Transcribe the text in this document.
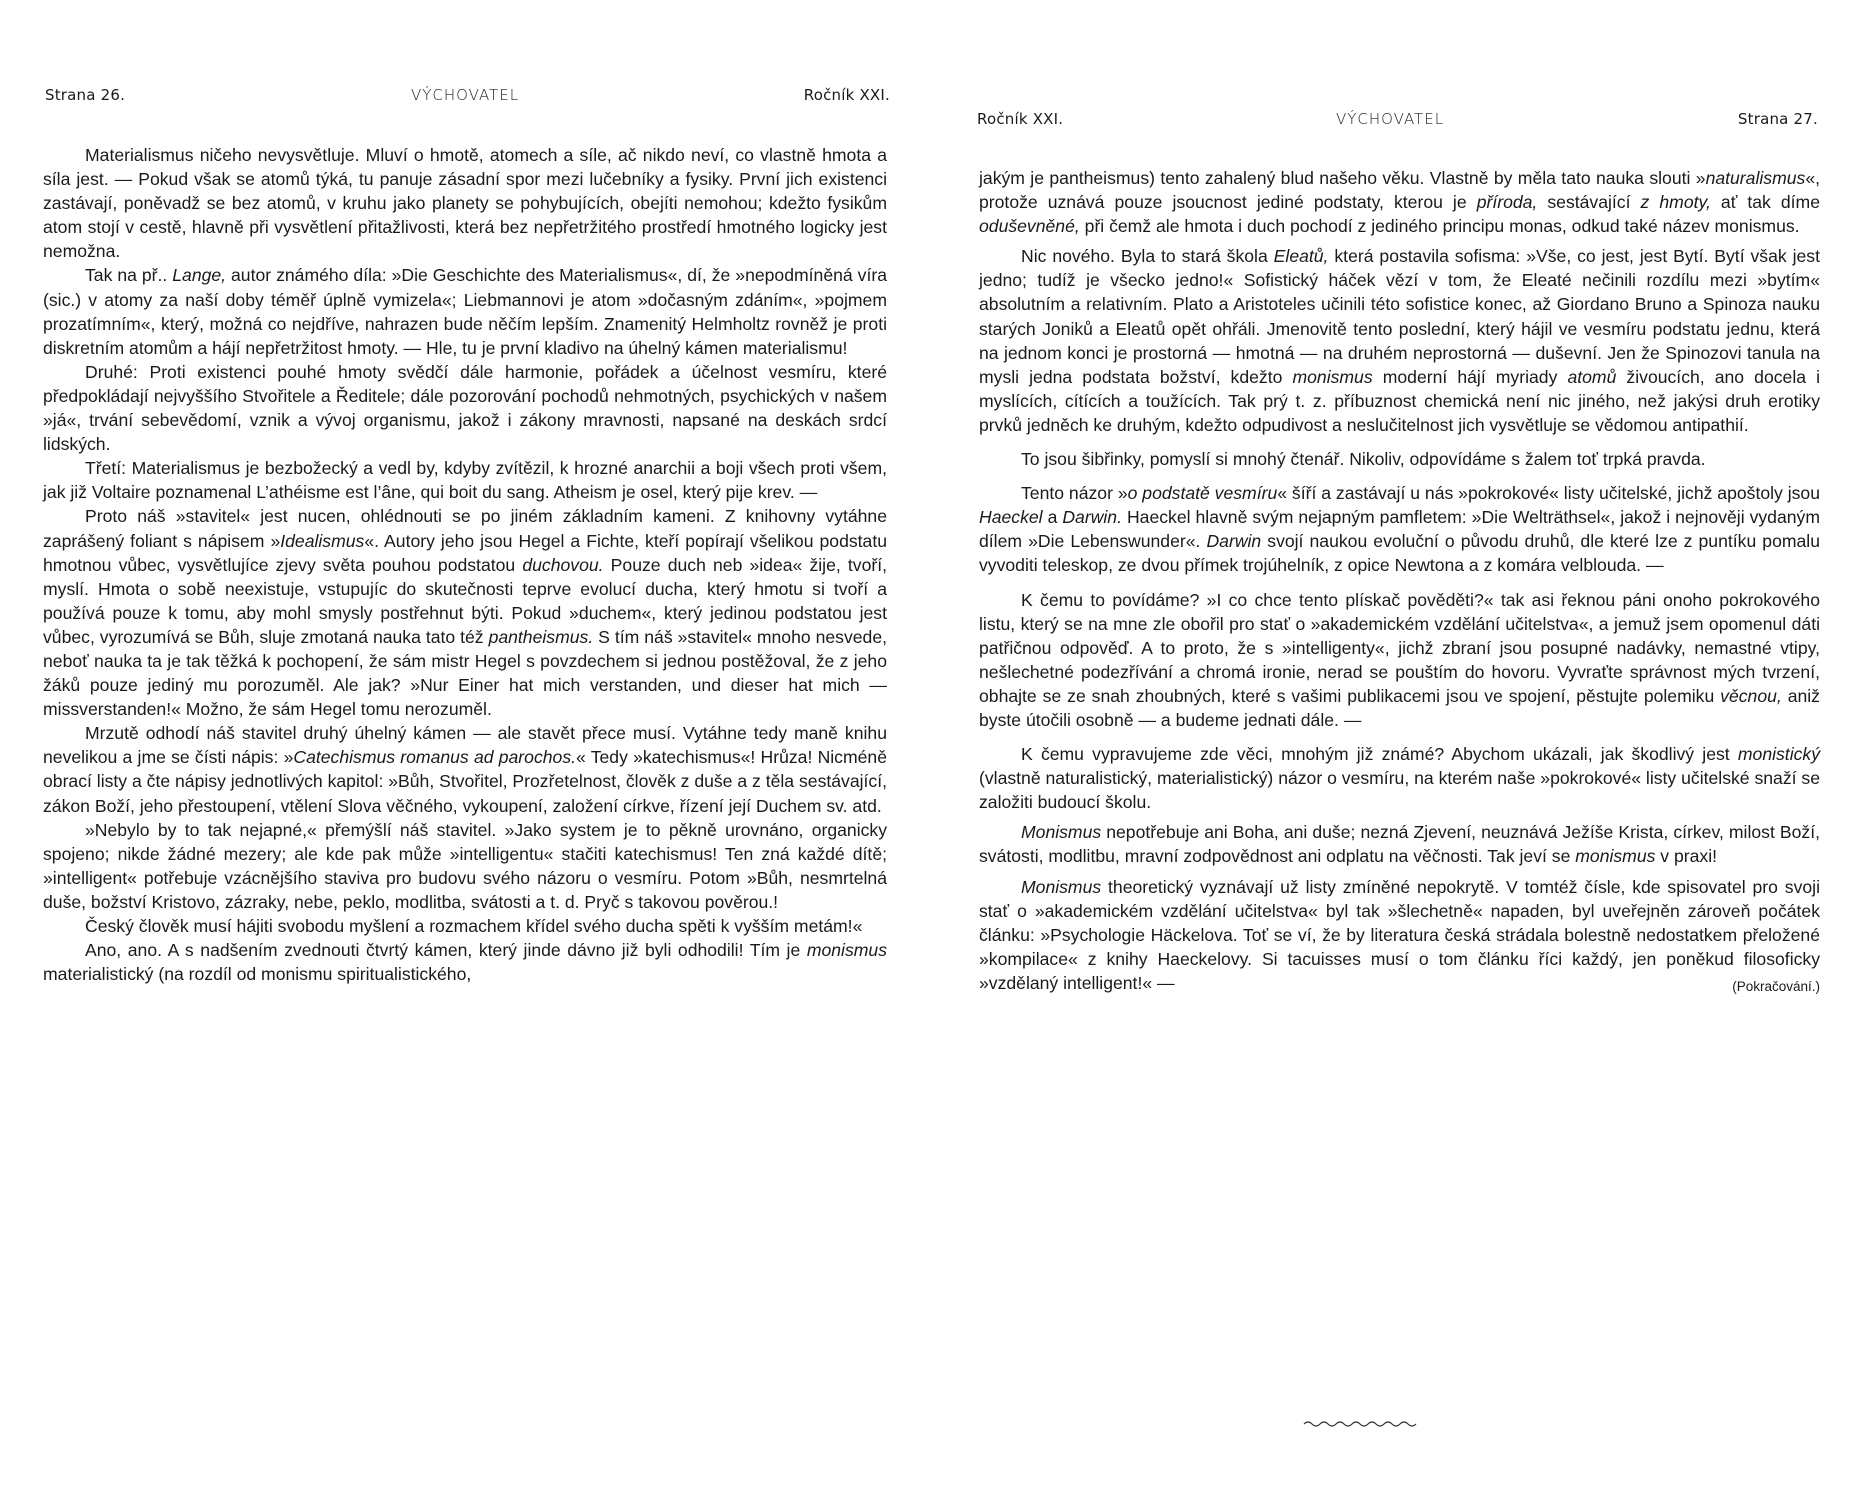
Strana 26.	VÝCHOVATEL	Ročník XXI.

Materialismus ničeho nevysvětluje. Mluví o hmotě, atomech a síle, ač nikdo neví, co vlastně hmota a síla jest. — Pokud však se atomů týká, tu panuje zásadní spor mezi lučebníky a fysiky. První jich existenci zastávají, poněvadž se bez atomů, v kruhu jako planety se pohybujících, obejíti nemohou; kdežto fysikům atom stojí v cestě, hlavně při vysvětlení přitažlivosti, která bez nepřetržitého prostředí hmotného logicky jest nemožna.

Tak na př.. Lange, autor známého díla: »Die Geschichte des Materialismus«, dí, že »nepodmíněná víra (sic.) v atomy za naší doby téměř úplně vymizela«; Liebmannovi je atom »dočasným zdáním«, »pojmem prozatímním«, který, možná co nejdříve, nahrazen bude něčím lepším. Znamenitý Helmholtz rovněž je proti diskretním atomům a hájí nepřetržitost hmoty. — Hle, tu je první kladivo na úhelný kámen materialismu!

Druhé: Proti existenci pouhé hmoty svědčí dále harmonie, pořádek a účelnost vesmíru, které předpokládají nejvyššího Stvořitele a Ředitele; dále pozorování pochodů nehmotných, psychických v našem »já«, trvání sebevědomí, vznik a vývoj organismu, jakož i zákony mravnosti, napsané na deskách srdcí lidských.

Třetí: Materialismus je bezbožecký a vedl by, kdyby zvítězil, k hrozné anarchii a boji všech proti všem, jak již Voltaire poznamenal L’athéisme est l’âne, qui boit du sang. Atheism je osel, který pije krev. —

Proto náš »stavitel« jest nucen, ohlédnouti se po jiném základním kameni. Z knihovny vytáhne zaprášený foliant s nápisem »Idealismus«. Autory jeho jsou Hegel a Fichte, kteří popírají všelikou podstatu hmotnou vůbec, vysvětlujíce zjevy světa pouhou podstatou duchovou. Pouze duch neb »idea« žije, tvoří, myslí. Hmota o sobě neexistuje, vstupujíc do skutečnosti teprve evolucí ducha, který hmotu si tvoří a používá pouze k tomu, aby mohl smysly postřehnut býti. Pokud »duchem«, který jedinou podstatou jest vůbec, vyrozumívá se Bůh, sluje zmotaná nauka tato též pantheismus. S tím náš »stavitel« mnoho nesvede, neboť nauka ta je tak těžká k pochopení, že sám mistr Hegel s povzdechem si jednou postěžoval, že z jeho žáků pouze jediný mu porozuměl. Ale jak? »Nur Einer hat mich verstanden, und dieser hat mich — missverstanden!« Možno, že sám Hegel tomu nerozuměl.

Mrzutě odhodí náš stavitel druhý úhelný kámen — ale stavět přece musí. Vytáhne tedy maně knihu nevelikou a jme se čísti nápis: »Catechismus romanus ad parochos.« Tedy »katechismus«! Hrůza! Nicméně obrací listy a čte nápisy jednotlivých kapitol: »Bůh, Stvořitel, Prozřetelnost, člověk z duše a z těla sestávající, zákon Boží, jeho přestoupení, vtělení Slova věčného, vykoupení, založení církve, řízení její Duchem sv. atd.

»Nebylo by to tak nejapné,« přemýšlí náš stavitel. »Jako system je to pěkně urovnáno, organicky spojeno; nikde žádné mezery; ale kde pak může »intelligentu« stačiti katechismus! Ten zná každé dítě; »intelligent« potřebuje vzácnějšího staviva pro budovu svého názoru o vesmíru. Potom »Bůh, nesmrtelná duše, božství Kristovo, zázraky, nebe, peklo, modlitba, svátosti a t. d. Pryč s takovou pověrou.!

Český člověk musí hájiti svobodu myšlení a rozmachem křídel svého ducha spěti k vyšším metám!«

Ano, ano. A s nadšením zvednouti čtvrtý kámen, který jinde dávno již byli odhodili! Tím je monismus materialistický (na rozdíl od monismu spiritualistického,

Ročník XXI.	VÝCHOVATEL	Strana 27.

jakým je pantheismus) tento zahalený blud našeho věku. Vlastně by měla tato nauka slouti »naturalismus«, protože uznává pouze jsoucnost jediné podstaty, kterou je příroda, sestávající z hmoty, ať tak díme oduševněné, při čemž ale hmota i duch pochodí z jediného principu monas, odkud také název monismus.

Nic nového. Byla to stará škola Eleatů, která postavila sofisma: »Vše, co jest, jest Bytí. Bytí však jest jedno; tudíž je všecko jedno!« Sofistický háček vězí v tom, že Eleaté nečinili rozdílu mezi »bytím« absolutním a relativním. Plato a Aristoteles učinili této sofistice konec, až Giordano Bruno a Spinoza nauku starých Joniků a Eleatů opět ohřáli. Jmenovitě tento poslední, který hájil ve vesmíru podstatu jednu, která na jednom konci je prostorná — hmotná — na druhém neprostorná — duševní. Jen že Spinozovi tanula na mysli jedna podstata božství, kdežto monismus moderní hájí myriady atomů živoucích, ano docela i myslících, cítících a toužících. Tak prý t. z. příbuznost chemická není nic jiného, než jakýsi druh erotiky prvků jedněch ke druhým, kdežto odpudivost a neslučitelnost jich vysvětluje se vědomou antipathií.

To jsou šibřinky, pomyslí si mnohý čtenář. Nikoliv, odpovídáme s žalem toť trpká pravda.

Tento názor »o podstatě vesmíru« šíří a zastávají u nás »pokrokové« listy učitelské, jichž apoštoly jsou Haeckel a Darwin. Haeckel hlavně svým nejapným pamfletem: »Die Welträthsel«, jakož i nejnověji vydaným dílem »Die Lebenswunder«. Darwin svojí naukou evoluční o původu druhů, dle které lze z puntíku pomalu vyvoditi teleskop, ze dvou přímek trojúhelník, z opice Newtona a z komára velblouda. —

K čemu to povídáme? »I co chce tento plískač pověděti?« tak asi řeknou páni onoho pokrokového listu, který se na mne zle obořil pro stať o »akademickém vzdělání učitelstva«, a jemuž jsem opomenul dáti patřičnou odpověď. A to proto, že s »intelligenty«, jichž zbraní jsou posupné nadávky, nemastné vtipy, nešlechetné podezřívání a chromá ironie, nerad se pouštím do hovoru. Vyvraťte správnost mých tvrzení, obhajte se ze snah zhoubných, které s vašimi publikacemi jsou ve spojení, pěstujte polemiku věcnou, aniž byste útočili osobně — a budeme jednati dále. —

K čemu vypravujeme zde věci, mnohým již známé? Abychom ukázali, jak škodlivý jest monistický (vlastně naturalistický, materialistický) názor o vesmíru, na kterém naše »pokrokové« listy učitelské snaží se založiti budoucí školu.

Monismus nepotřebuje ani Boha, ani duše; nezná Zjevení, neuznává Ježíše Krista, církev, milost Boží, svátosti, modlitbu, mravní zodpovědnost ani odplatu na věčnosti. Tak jeví se monismus v praxi!

Monismus theoretický vyznávají už listy zmíněné nepokrytě. V tomtéž čísle, kde spisovatel pro svoji stať o »akademickém vzdělání učitelstva« byl tak »šlechetně« napaden, byl uveřejněn zároveň počátek článku: »Psychologie Häckelova. Toť se ví, že by literatura česká strádala bolestně nedostatkem přeložené »kompilace« z knihy Haeckelovy. Si tacuisses musí o tom článku říci každý, jen poněkud filosoficky »vzdělaný intelligent!« —	(Pokračování.)
